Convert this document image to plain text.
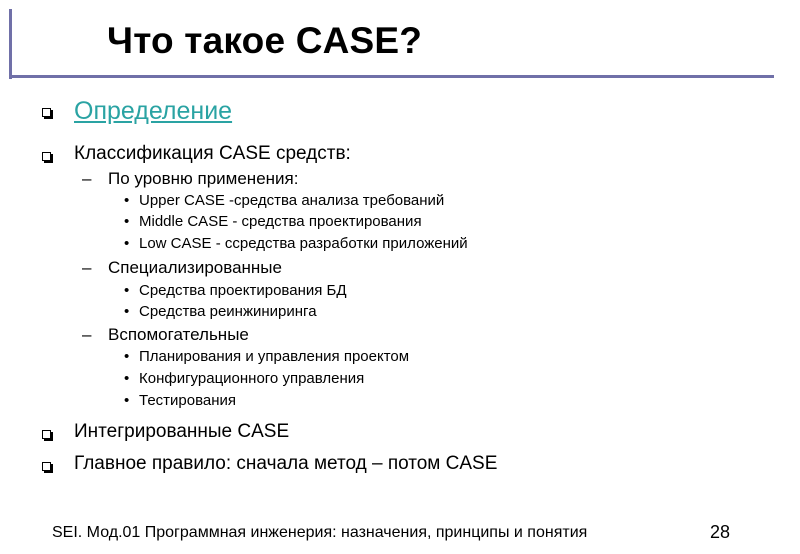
Что такое CASE?
Определение
Классификация CASE средств:
– По уровню применения:
• Upper CASE -средства анализа требований
• Middle CASE - средства проектирования
• Low CASE - ссредства разработки приложений
– Специализированные
• Средства проектирования БД
• Средства реинжиниринга
– Вспомогательные
• Планирования и управления проектом
• Конфигурационного управления
• Тестирования
Интегрированные CASE
Главное правило: сначала метод – потом CASE
SEI. Мод.01 Программная инженерия: назначения, принципы и понятия	28
